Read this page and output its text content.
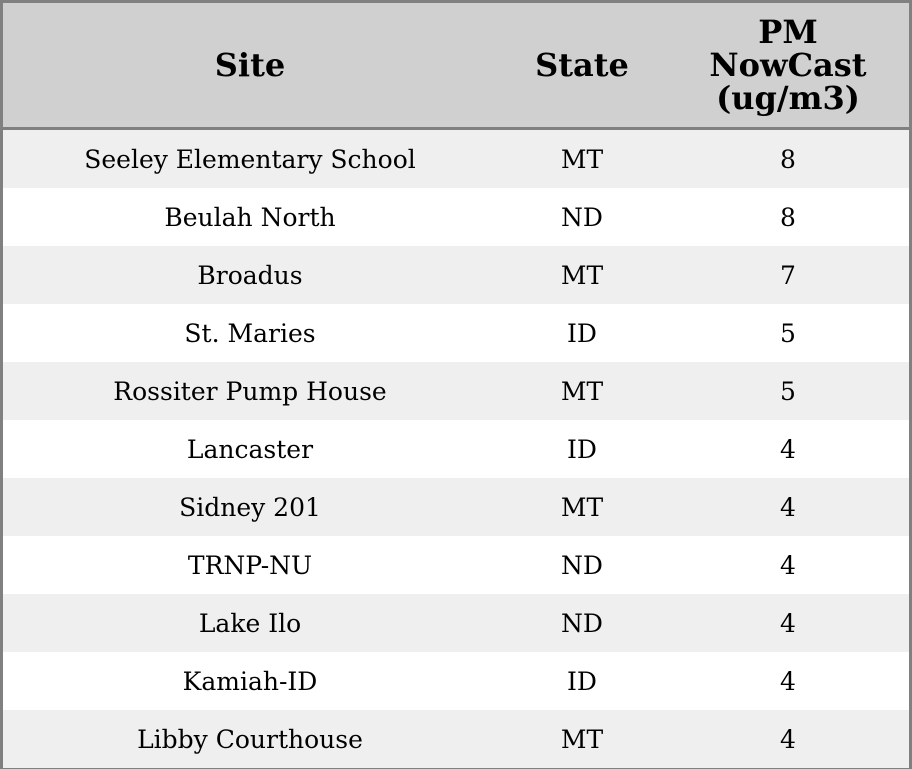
Site	State	PM
NowCast
(ug/m3)

Seeley Elementary School	MT	8
Beulah North	ND	8
Broadus	MT	7
St. Maries	ID	5
Rossiter Pump House	MT	5
Lancaster	ID	4
Sidney 201	MT	4
TRNP-NU	ND	4
Lake Ilo	ND	4
Kamiah-ID	ID	4
Libby Courthouse	MT	4
